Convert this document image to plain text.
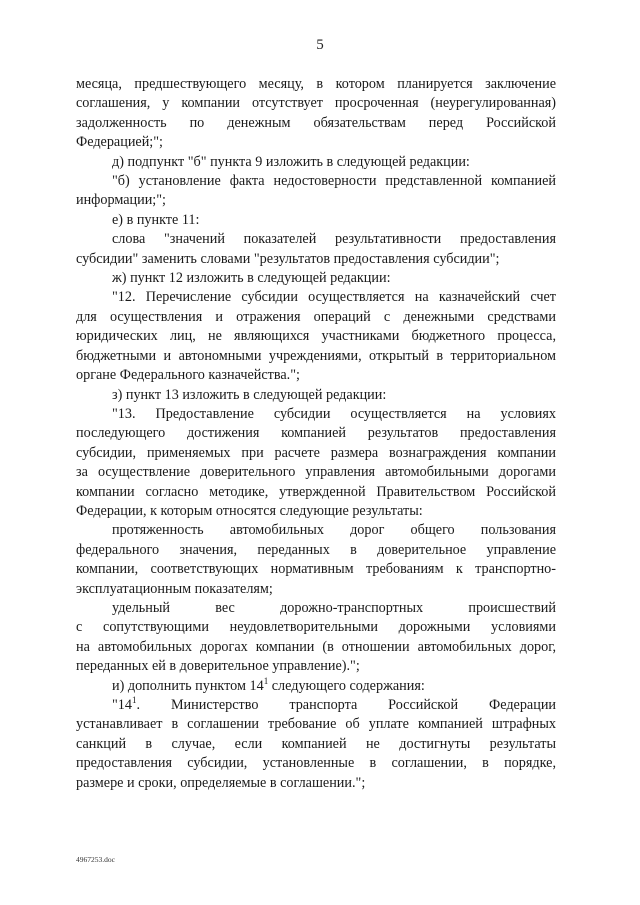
5

месяца, предшествующего месяцу, в котором планируется заключение

соглашения, у компании отсутствует просроченная (неурегулированная)

задолженность по денежным обязательствам перед Российской

Федерацией;";

д) подпункт "б" пункта 9 изложить в следующей редакции:

"б) установление факта недостоверности представленной компанией

информации;";

е) в пункте 11:

слова "значений показателей результативности предоставления

субсидии" заменить словами "результатов предоставления субсидии";

ж) пункт 12 изложить в следующей редакции:

"12. Перечисление субсидии осуществляется на казначейский счет

для осуществления и отражения операций с денежными средствами

юридических лиц, не являющихся участниками бюджетного процесса,

бюджетными и автономными учреждениями, открытый в территориальном

органе Федерального казначейства.";

з) пункт 13 изложить в следующей редакции:

"13. Предоставление субсидии осуществляется на условиях

последующего достижения компанией результатов предоставления

субсидии, применяемых при расчете размера вознаграждения компании

за осуществление доверительного управления автомобильными дорогами

компании согласно методике, утвержденной Правительством Российской

Федерации, к которым относятся следующие результаты:

протяженность автомобильных дорог общего пользования

федерального значения, переданных в доверительное управление

компании, соответствующих нормативным требованиям к транспортно-

эксплуатационным показателям;

удельный вес дорожно-транспортных происшествий

с сопутствующими неудовлетворительными дорожными условиями

на автомобильных дорогах компании (в отношении автомобильных дорог,

переданных ей в доверительное управление).";

и) дополнить пунктом $14^1$ следующего содержания:

"$14^1$. Министерство транспорта Российской Федерации

устанавливает в соглашении требование об уплате компанией штрафных

санкций в случае, если компанией не достигнуты результаты

предоставления субсидии, установленные в соглашении, в порядке,

размере и сроки, определяемые в соглашении.";

4967253.doc
